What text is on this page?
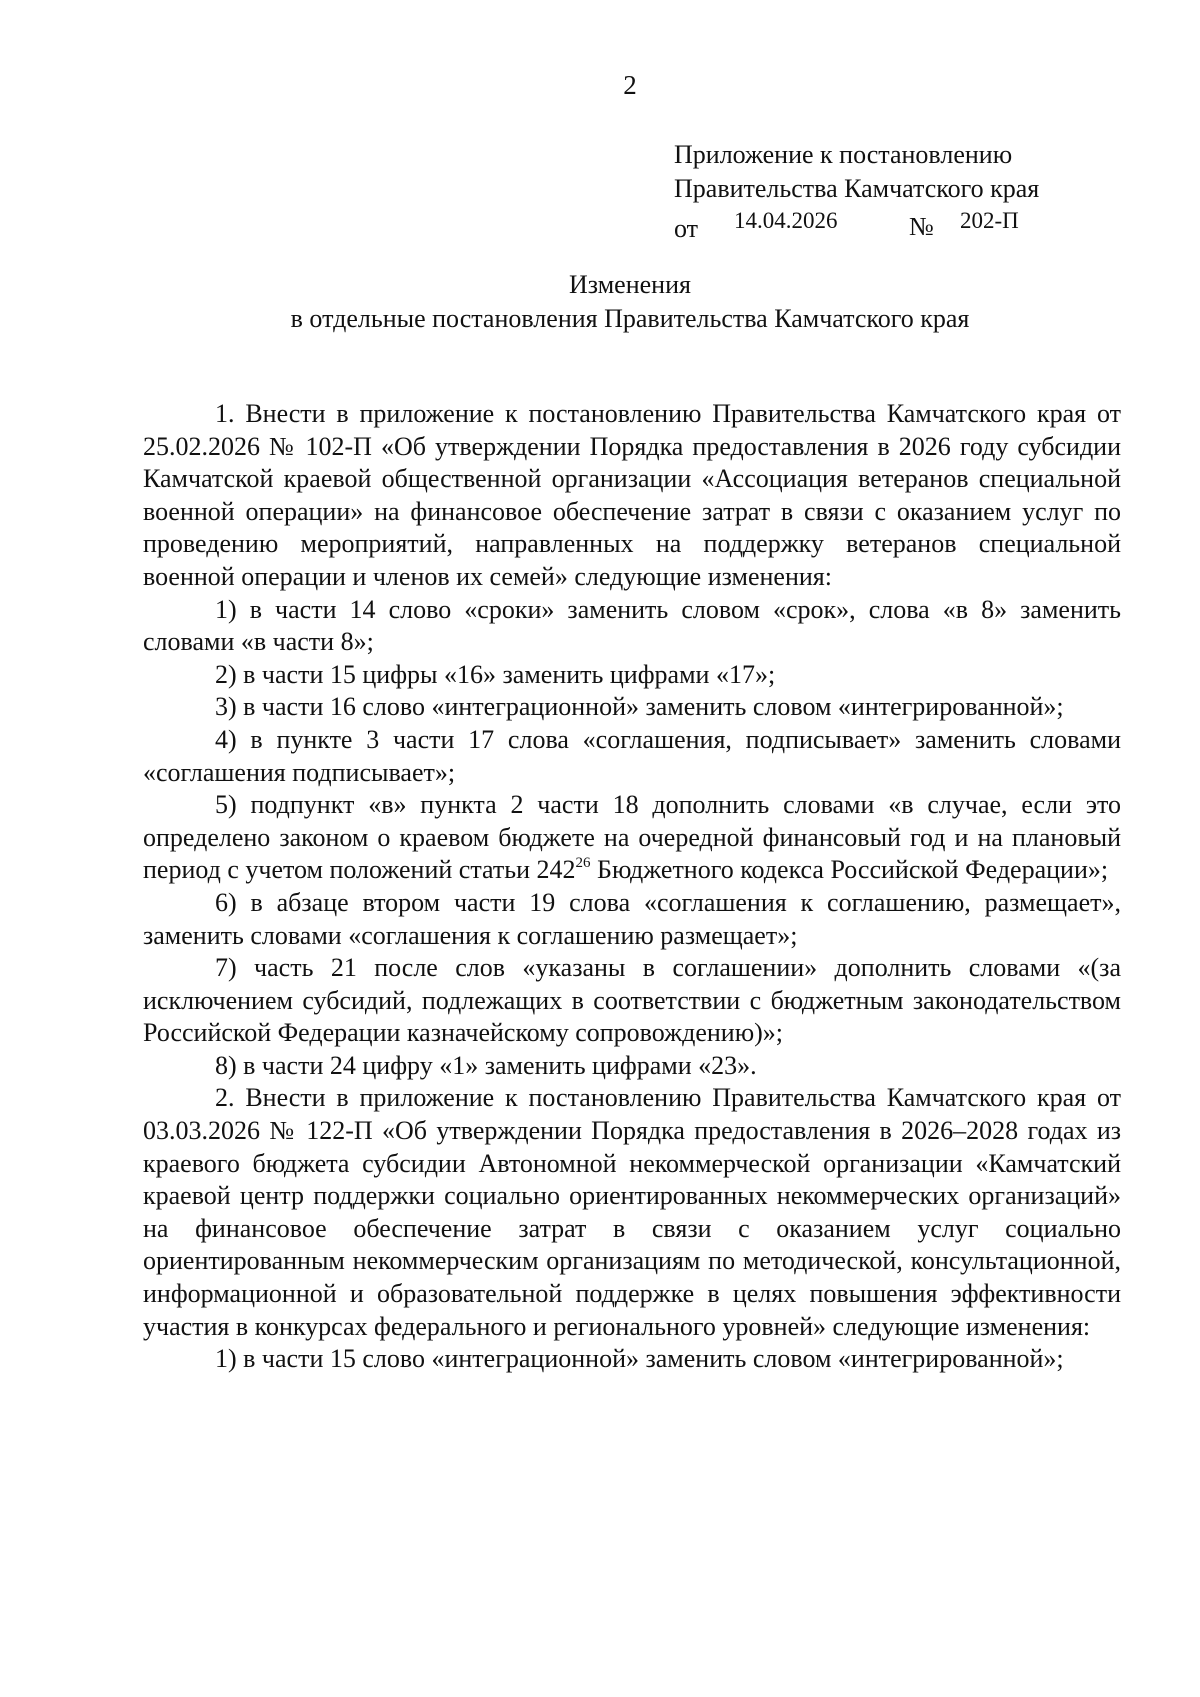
2
Приложение к постановлению
Правительства Камчатского края
от 14.04.2026	№ 202-П
Изменения
в отдельные постановления Правительства Камчатского края

1. Внести в приложение к постановлению Правительства Камчатского края от 25.02.2026 № 102-П «Об утверждении Порядка предоставления в 2026 году субсидии Камчатской краевой общественной организации «Ассоциация ветеранов специальной военной операции» на финансовое обеспечение затрат в связи с оказанием услуг по проведению мероприятий, направленных на поддержку ветеранов специальной военной операции и членов их семей» следующие изменения:

1) в части 14 слово «сроки» заменить словом «срок», слова «в 8» заменить словами «в части 8»;

2) в части 15 цифры «16» заменить цифрами «17»;

3) в части 16 слово «интеграционной» заменить словом «интегрированной»;

4) в пункте 3 части 17 слова «соглашения, подписывает» заменить словами «соглашения подписывает»;

5) подпункт «в» пункта 2 части 18 дополнить словами «в случае, если это определено законом о краевом бюджете на очередной финансовый год и на плановый период с учетом положений статьи $242^{26}$ Бюджетного кодекса Российской Федерации»;

6) в абзаце втором части 19 слова «соглашения к соглашению, размещает», заменить словами «соглашения к соглашению размещает»;

7) часть 21 после слов «указаны в соглашении» дополнить словами «(за исключением субсидий, подлежащих в соответствии с бюджетным законодательством Российской Федерации казначейскому сопровождению)»;

8) в части 24 цифру «1» заменить цифрами «23».

2. Внести в приложение к постановлению Правительства Камчатского края от 03.03.2026 № 122-П «Об утверждении Порядка предоставления в 2026–2028 годах из краевого бюджета субсидии Автономной некоммерческой организации «Камчатский краевой центр поддержки социально ориентированных некоммерческих организаций» на финансовое обеспечение затрат в связи с оказанием услуг социально ориентированным некоммерческим организациям по методической, консультационной, информационной и образовательной поддержке в целях повышения эффективности участия в конкурсах федерального и регионального уровней» следующие изменения:

1) в части 15 слово «интеграционной» заменить словом «интегрированной»;
